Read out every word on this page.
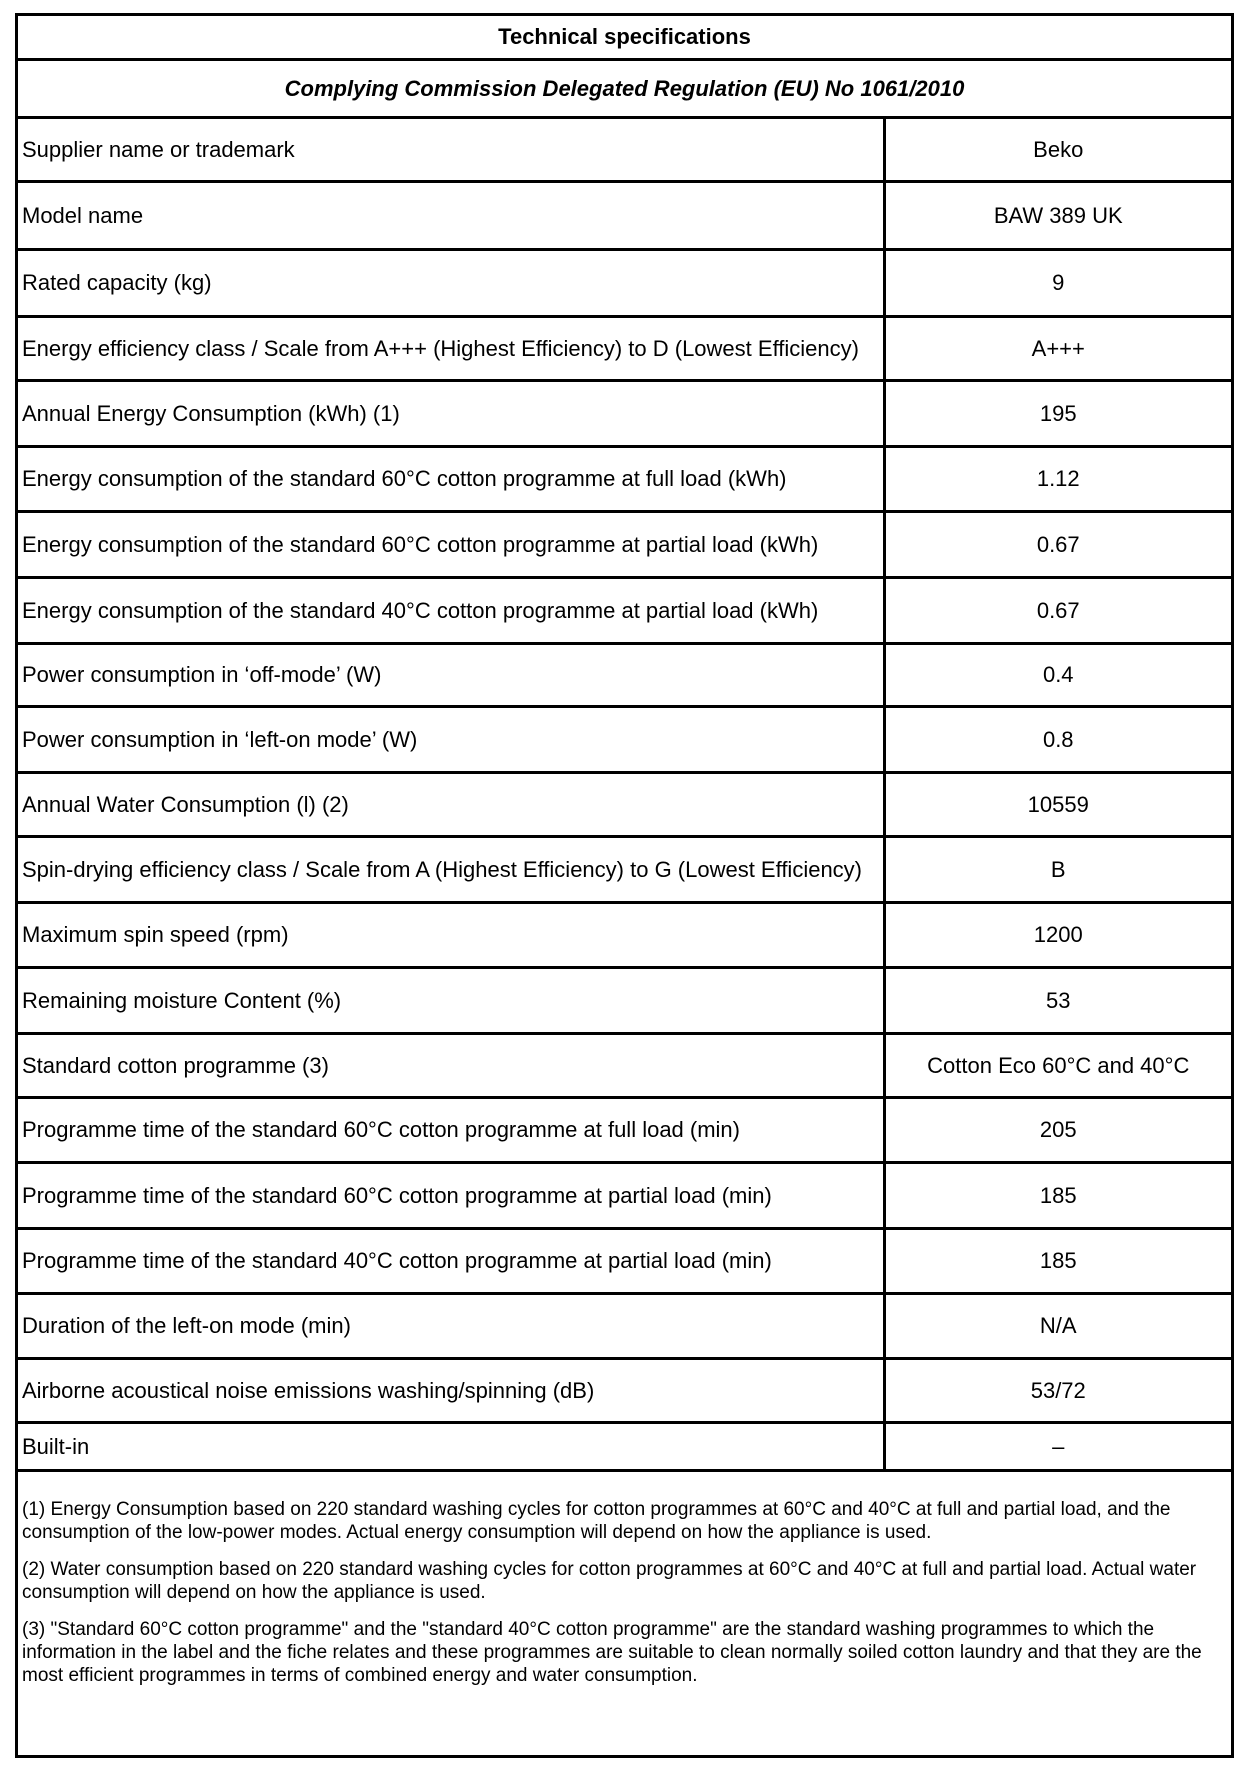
Technical specifications
Complying Commission Delegated Regulation (EU) No 1061/2010
Supplier name or trademark	Beko
Model name	BAW 389 UK
Rated capacity (kg)	9
Energy efficiency class / Scale from A+++ (Highest Efficiency) to D (Lowest Efficiency)	A+++
Annual Energy Consumption (kWh) (1)	195
Energy consumption of the standard 60°C cotton programme at full load (kWh)	1.12
Energy consumption of the standard 60°C cotton programme at partial load (kWh)	0.67
Energy consumption of the standard 40°C cotton programme at partial load (kWh)	0.67
Power consumption in ‘off-mode’ (W)	0.4
Power consumption in ‘left-on mode’ (W)	0.8
Annual Water Consumption (l) (2)	10559
Spin-drying efficiency class / Scale from A (Highest Efficiency) to G (Lowest Efficiency)	B
Maximum spin speed (rpm)	1200
Remaining moisture Content (%)	53
Standard cotton programme (3)	Cotton Eco 60°C and 40°C
Programme time of the standard 60°C cotton programme at full load (min)	205
Programme time of the standard 60°C cotton programme at partial load (min)	185
Programme time of the standard 40°C cotton programme at partial load (min)	185
Duration of the left-on mode (min)	N/A
Airborne acoustical noise emissions washing/spinning (dB)	53/72
Built-in	–

(1) Energy Consumption based on 220 standard washing cycles for cotton programmes at 60°C and 40°C at full and partial load, and the consumption of the low-power modes. Actual energy consumption will depend on how the appliance is used.

(2) Water consumption based on 220 standard washing cycles for cotton programmes at 60°C and 40°C at full and partial load. Actual water consumption will depend on how the appliance is used.

(3) "Standard 60°C cotton programme" and the "standard 40°C cotton programme" are the standard washing programmes to which the information in the label and the fiche relates and these programmes are suitable to clean normally soiled cotton laundry and that they are the most efficient programmes in terms of combined energy and water consumption.
